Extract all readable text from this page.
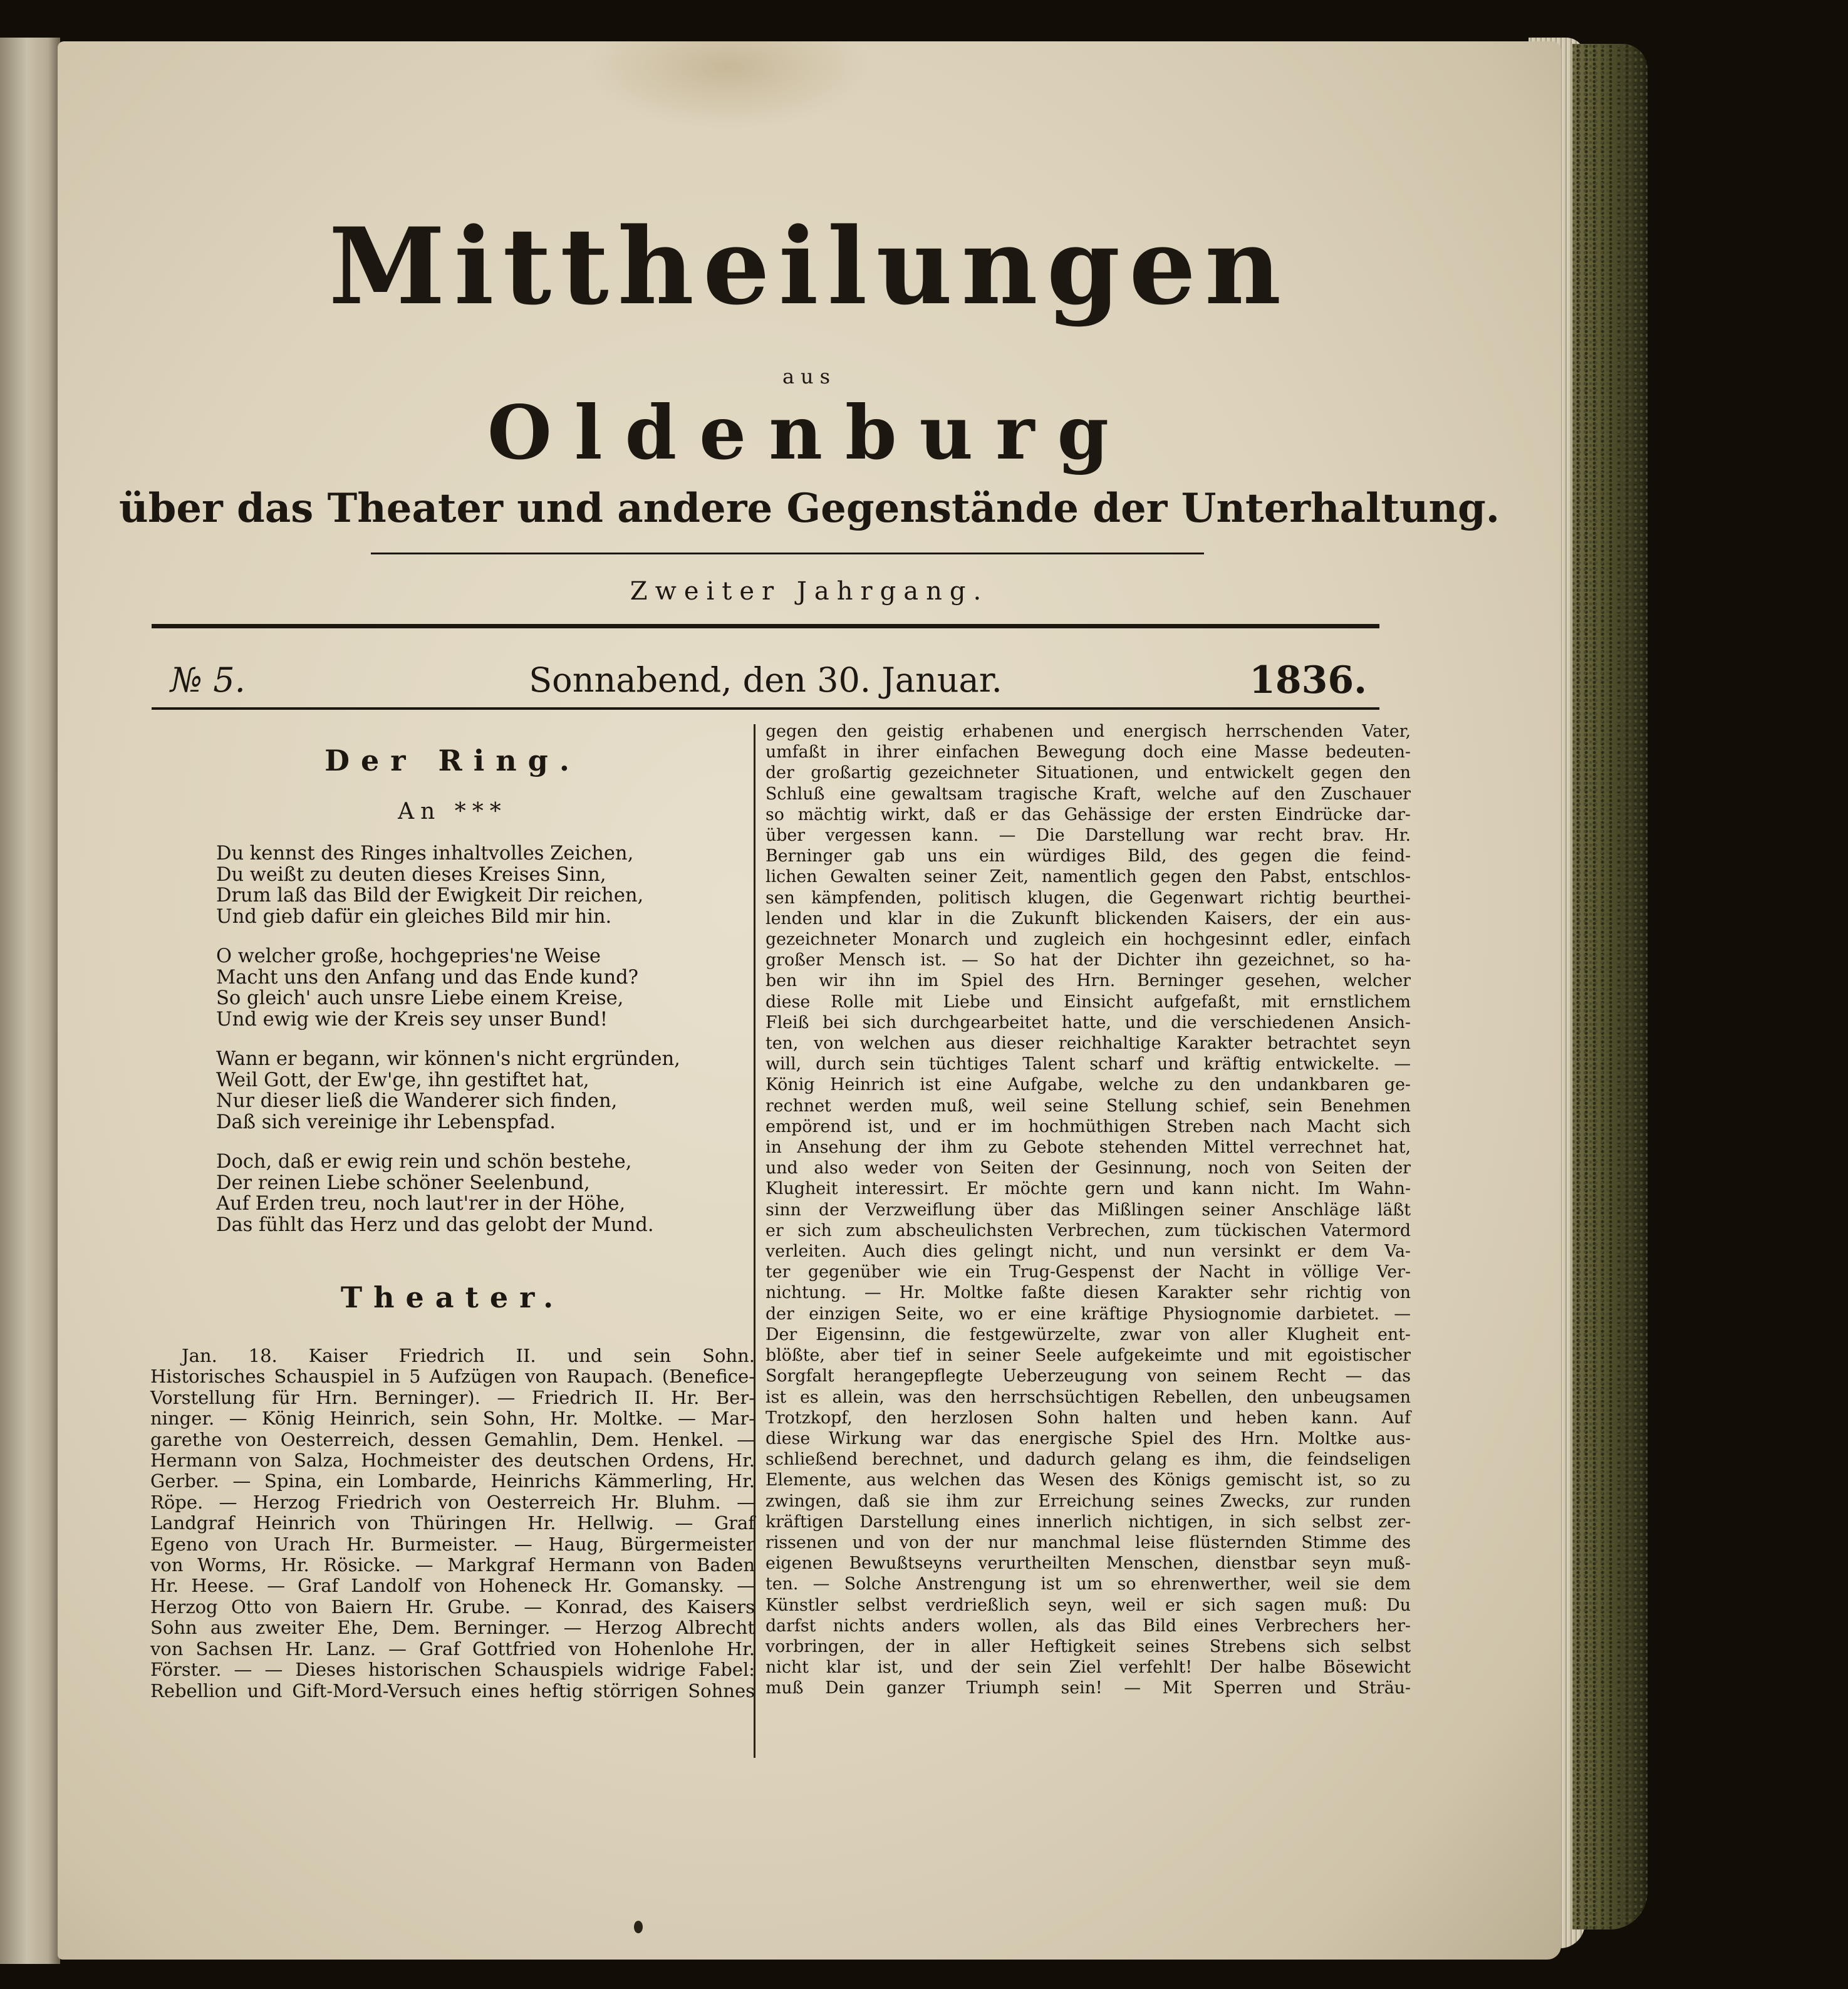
Mittheilungen
aus
Oldenburg
über das Theater und andere Gegenstände der Unterhaltung.
Zweiter Jahrgang.
№ 5.	Sonnabend, den 30. Januar.	1836.
Der Ring.
An ***
Du kennst des Ringes inhaltvolles Zeichen,
Du weißt zu deuten dieses Kreises Sinn,
Drum laß das Bild der Ewigkeit Dir reichen,
Und gieb dafür ein gleiches Bild mir hin.
O welcher große, hochgepries'ne Weise
Macht uns den Anfang und das Ende kund?
So gleich' auch unsre Liebe einem Kreise,
Und ewig wie der Kreis sey unser Bund!
Wann er begann, wir können's nicht ergründen,
Weil Gott, der Ew'ge, ihn gestiftet hat,
Nur dieser ließ die Wanderer sich finden,
Daß sich vereinige ihr Lebenspfad.
Doch, daß er ewig rein und schön bestehe,
Der reinen Liebe schöner Seelenbund,
Auf Erden treu, noch laut'rer in der Höhe,
Das fühlt das Herz und das gelobt der Mund.
Theater.
Jan. 18. Kaiser Friedrich II. und sein Sohn.
Historisches Schauspiel in 5 Aufzügen von Raupach. (Benefice-
Vorstellung für Hrn. Berninger). — Friedrich II. Hr. Ber-
ninger. — König Heinrich, sein Sohn, Hr. Moltke. — Mar-
garethe von Oesterreich, dessen Gemahlin, Dem. Henkel. —
Hermann von Salza, Hochmeister des deutschen Ordens, Hr.
Gerber. — Spina, ein Lombarde, Heinrichs Kämmerling, Hr.
Röpe. — Herzog Friedrich von Oesterreich Hr. Bluhm. —
Landgraf Heinrich von Thüringen Hr. Hellwig. — Graf
Egeno von Urach Hr. Burmeister. — Haug, Bürgermeister
von Worms, Hr. Rösicke. — Markgraf Hermann von Baden
Hr. Heese. — Graf Landolf von Hoheneck Hr. Gomansky. —
Herzog Otto von Baiern Hr. Grube. — Konrad, des Kaisers
Sohn aus zweiter Ehe, Dem. Berninger. — Herzog Albrecht
von Sachsen Hr. Lanz. — Graf Gottfried von Hohenlohe Hr.
Förster. — — Dieses historischen Schauspiels widrige Fabel:
Rebellion und Gift-Mord-Versuch eines heftig störrigen Sohnes
gegen den geistig erhabenen und energisch herrschenden Vater,
umfaßt in ihrer einfachen Bewegung doch eine Masse bedeuten-
der großartig gezeichneter Situationen, und entwickelt gegen den
Schluß eine gewaltsam tragische Kraft, welche auf den Zuschauer
so mächtig wirkt, daß er das Gehässige der ersten Eindrücke dar-
über vergessen kann. — Die Darstellung war recht brav. Hr.
Berninger gab uns ein würdiges Bild, des gegen die feind-
lichen Gewalten seiner Zeit, namentlich gegen den Pabst, entschlos-
sen kämpfenden, politisch klugen, die Gegenwart richtig beurthei-
lenden und klar in die Zukunft blickenden Kaisers, der ein aus-
gezeichneter Monarch und zugleich ein hochgesinnt edler, einfach
großer Mensch ist. — So hat der Dichter ihn gezeichnet, so ha-
ben wir ihn im Spiel des Hrn. Berninger gesehen, welcher
diese Rolle mit Liebe und Einsicht aufgefaßt, mit ernstlichem
Fleiß bei sich durchgearbeitet hatte, und die verschiedenen Ansich-
ten, von welchen aus dieser reichhaltige Karakter betrachtet seyn
will, durch sein tüchtiges Talent scharf und kräftig entwickelte. —
König Heinrich ist eine Aufgabe, welche zu den undankbaren ge-
rechnet werden muß, weil seine Stellung schief, sein Benehmen
empörend ist, und er im hochmüthigen Streben nach Macht sich
in Ansehung der ihm zu Gebote stehenden Mittel verrechnet hat,
und also weder von Seiten der Gesinnung, noch von Seiten der
Klugheit interessirt. Er möchte gern und kann nicht. Im Wahn-
sinn der Verzweiflung über das Mißlingen seiner Anschläge läßt
er sich zum abscheulichsten Verbrechen, zum tückischen Vatermord
verleiten. Auch dies gelingt nicht, und nun versinkt er dem Va-
ter gegenüber wie ein Trug-Gespenst der Nacht in völlige Ver-
nichtung. — Hr. Moltke faßte diesen Karakter sehr richtig von
der einzigen Seite, wo er eine kräftige Physiognomie darbietet. —
Der Eigensinn, die festgewürzelte, zwar von aller Klugheit ent-
blößte, aber tief in seiner Seele aufgekeimte und mit egoistischer
Sorgfalt herangepflegte Ueberzeugung von seinem Recht — das
ist es allein, was den herrschsüchtigen Rebellen, den unbeugsamen
Trotzkopf, den herzlosen Sohn halten und heben kann. Auf
diese Wirkung war das energische Spiel des Hrn. Moltke aus-
schließend berechnet, und dadurch gelang es ihm, die feindseligen
Elemente, aus welchen das Wesen des Königs gemischt ist, so zu
zwingen, daß sie ihm zur Erreichung seines Zwecks, zur runden
kräftigen Darstellung eines innerlich nichtigen, in sich selbst zer-
rissenen und von der nur manchmal leise flüsternden Stimme des
eigenen Bewußtseyns verurtheilten Menschen, dienstbar seyn muß-
ten. — Solche Anstrengung ist um so ehrenwerther, weil sie dem
Künstler selbst verdrießlich seyn, weil er sich sagen muß: Du
darfst nichts anders wollen, als das Bild eines Verbrechers her-
vorbringen, der in aller Heftigkeit seines Strebens sich selbst
nicht klar ist, und der sein Ziel verfehlt! Der halbe Bösewicht
muß Dein ganzer Triumph sein! — Mit Sperren und Sträu-
